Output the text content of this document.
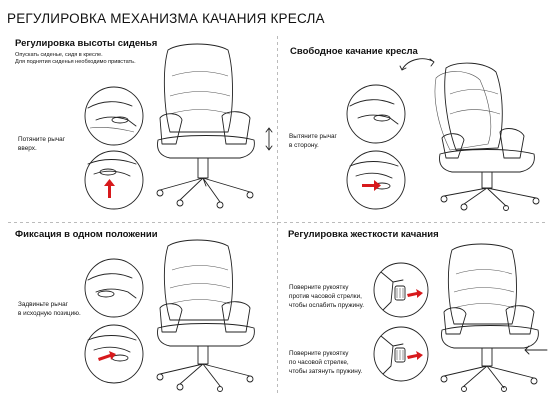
РЕГУЛИРОВКА МЕХАНИЗМА КАЧАНИЯ КРЕСЛА
Регулировка высоты сиденья
Опускать сиденье, сидя в кресле.
Для поднятия сиденья необходимо привстать.
Потяните рычаг
вверх.
Свободное качание кресла
Вытяните рычаг
в сторону.
Фиксация в одном положении
Задвиньте рычаг
в исходную позицию.
Регулировка жесткости качания
Поверните рукоятку
против часовой стрелки,
чтобы ослабить пружину.
Поверните рукоятку
по часовой стрелке,
чтобы затянуть пружину.
